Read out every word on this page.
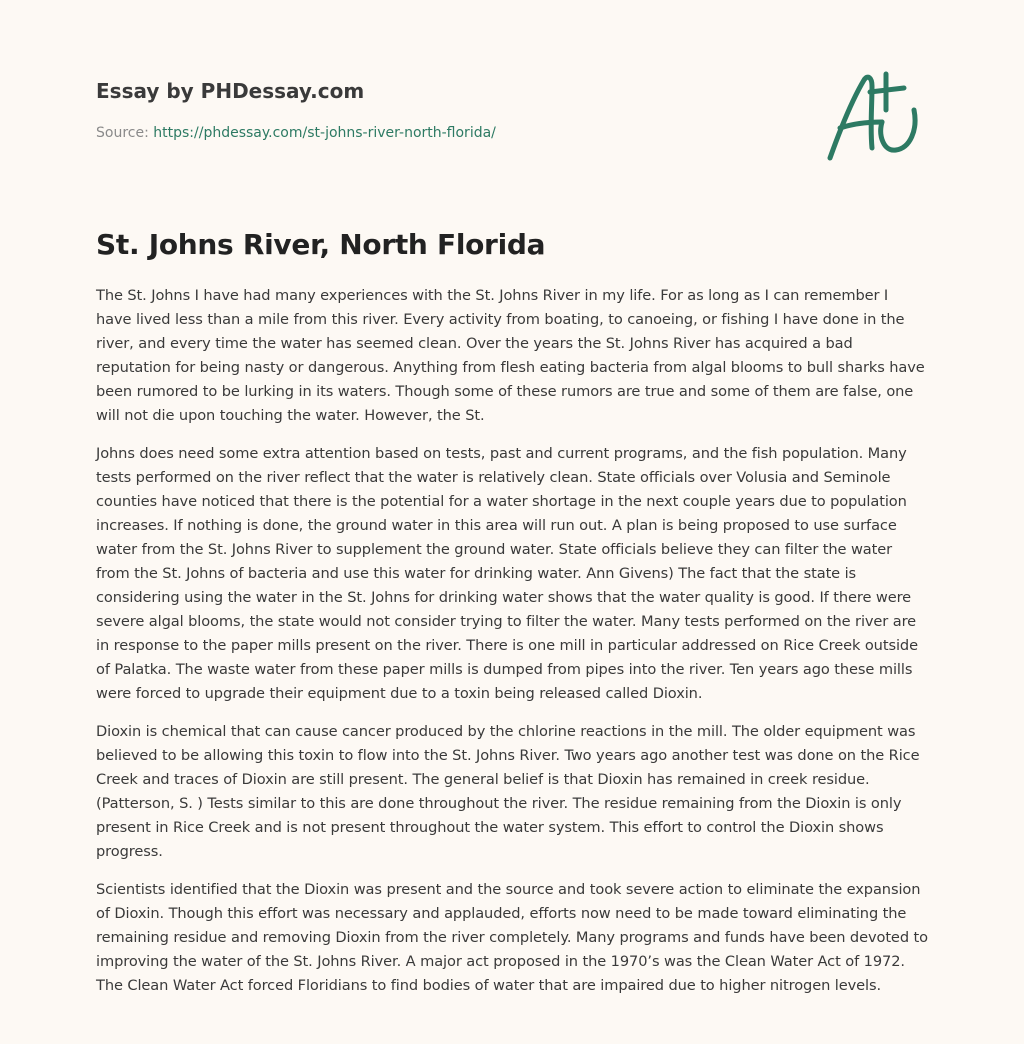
Essay by PHDessay.com
Source: https://phdessay.com/st-johns-river-north-florida/
St. Johns River, North Florida

The St. Johns I have had many experiences with the St. Johns River in my life. For as long as I can remember I have lived less than a mile from this river. Every activity from boating, to canoeing, or fishing I have done in the river, and every time the water has seemed clean. Over the years the St. Johns River has acquired a bad reputation for being nasty or dangerous. Anything from flesh eating bacteria from algal blooms to bull sharks have been rumored to be lurking in its waters. Though some of these rumors are true and some of them are false, one will not die upon touching the water. However, the St.

Johns does need some extra attention based on tests, past and current programs, and the fish population. Many tests performed on the river reflect that the water is relatively clean. State officials over Volusia and Seminole counties have noticed that there is the potential for a water shortage in the next couple years due to population increases. If nothing is done, the ground water in this area will run out. A plan is being proposed to use surface water from the St. Johns River to supplement the ground water. State officials believe they can filter the water from the St. Johns of bacteria and use this water for drinking water. Ann Givens) The fact that the state is considering using the water in the St. Johns for drinking water shows that the water quality is good. If there were severe algal blooms, the state would not consider trying to filter the water. Many tests performed on the river are in response to the paper mills present on the river. There is one mill in particular addressed on Rice Creek outside of Palatka. The waste water from these paper mills is dumped from pipes into the river. Ten years ago these mills were forced to upgrade their equipment due to a toxin being released called Dioxin.

Dioxin is chemical that can cause cancer produced by the chlorine reactions in the mill. The older equipment was believed to be allowing this toxin to flow into the St. Johns River. Two years ago another test was done on the Rice Creek and traces of Dioxin are still present. The general belief is that Dioxin has remained in creek residue. (Patterson, S. ) Tests similar to this are done throughout the river. The residue remaining from the Dioxin is only present in Rice Creek and is not present throughout the water system. This effort to control the Dioxin shows progress.

Scientists identified that the Dioxin was present and the source and took severe action to eliminate the expansion of Dioxin. Though this effort was necessary and applauded, efforts now need to be made toward eliminating the remaining residue and removing Dioxin from the river completely. Many programs and funds have been devoted to improving the water of the St. Johns River. A major act proposed in the 1970’s was the Clean Water Act of 1972. The Clean Water Act forced Floridians to find bodies of water that are impaired due to higher nitrogen levels.
